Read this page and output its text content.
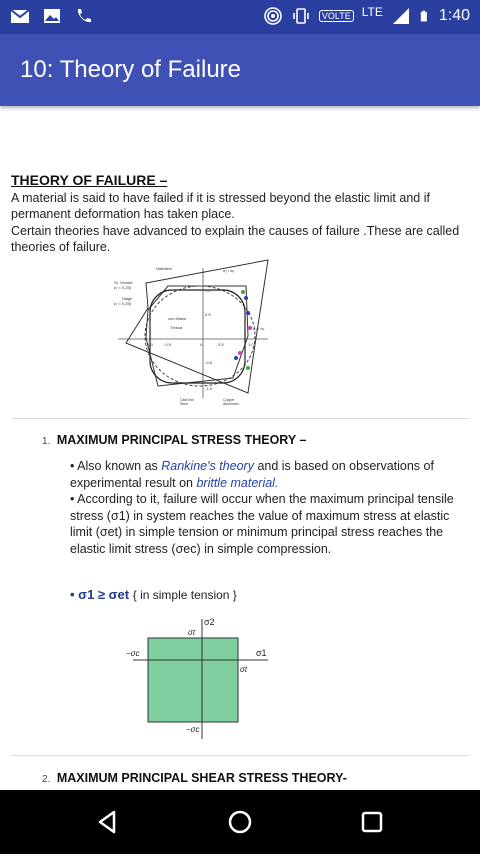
VOLTE LTE	1:40
10: Theory of Failure
THEORY OF FAILURE –
A material is said to have failed if it is stressed beyond the elastic limit and if permanent deformation has taken place.
Certain theories have advanced to explain the causes of failure .These are called theories of failure.
Haddlem
St. Venant
(ν = 0.25)
Haigh
(ν = 0.25)
von Mises
Tresca
σ₁ / σₑ
σ₂ / σₑ
1.0
0.5
-1.0	-0.5	0	0.5	1.0
-0.5
-1.0
Cast iron
Steel
Copper
Aluminum
1. MAXIMUM PRINCIPAL STRESS THEORY –
• Also known as Rankine's theory and is based on observations of experimental result on brittle material.
• According to it, failure will occur when the maximum principal tensile stress (σ1) in system reaches the value of maximum stress at elastic limit (σet) in simple tension or minimum principal stress reaches the elastic limit stress (σec) in simple compression.
• σ1 ≥ σet { in simple tension }
σ2
σt
σ1
σt
−σc
−σc
2. MAXIMUM PRINCIPAL SHEAR STRESS THEORY-
